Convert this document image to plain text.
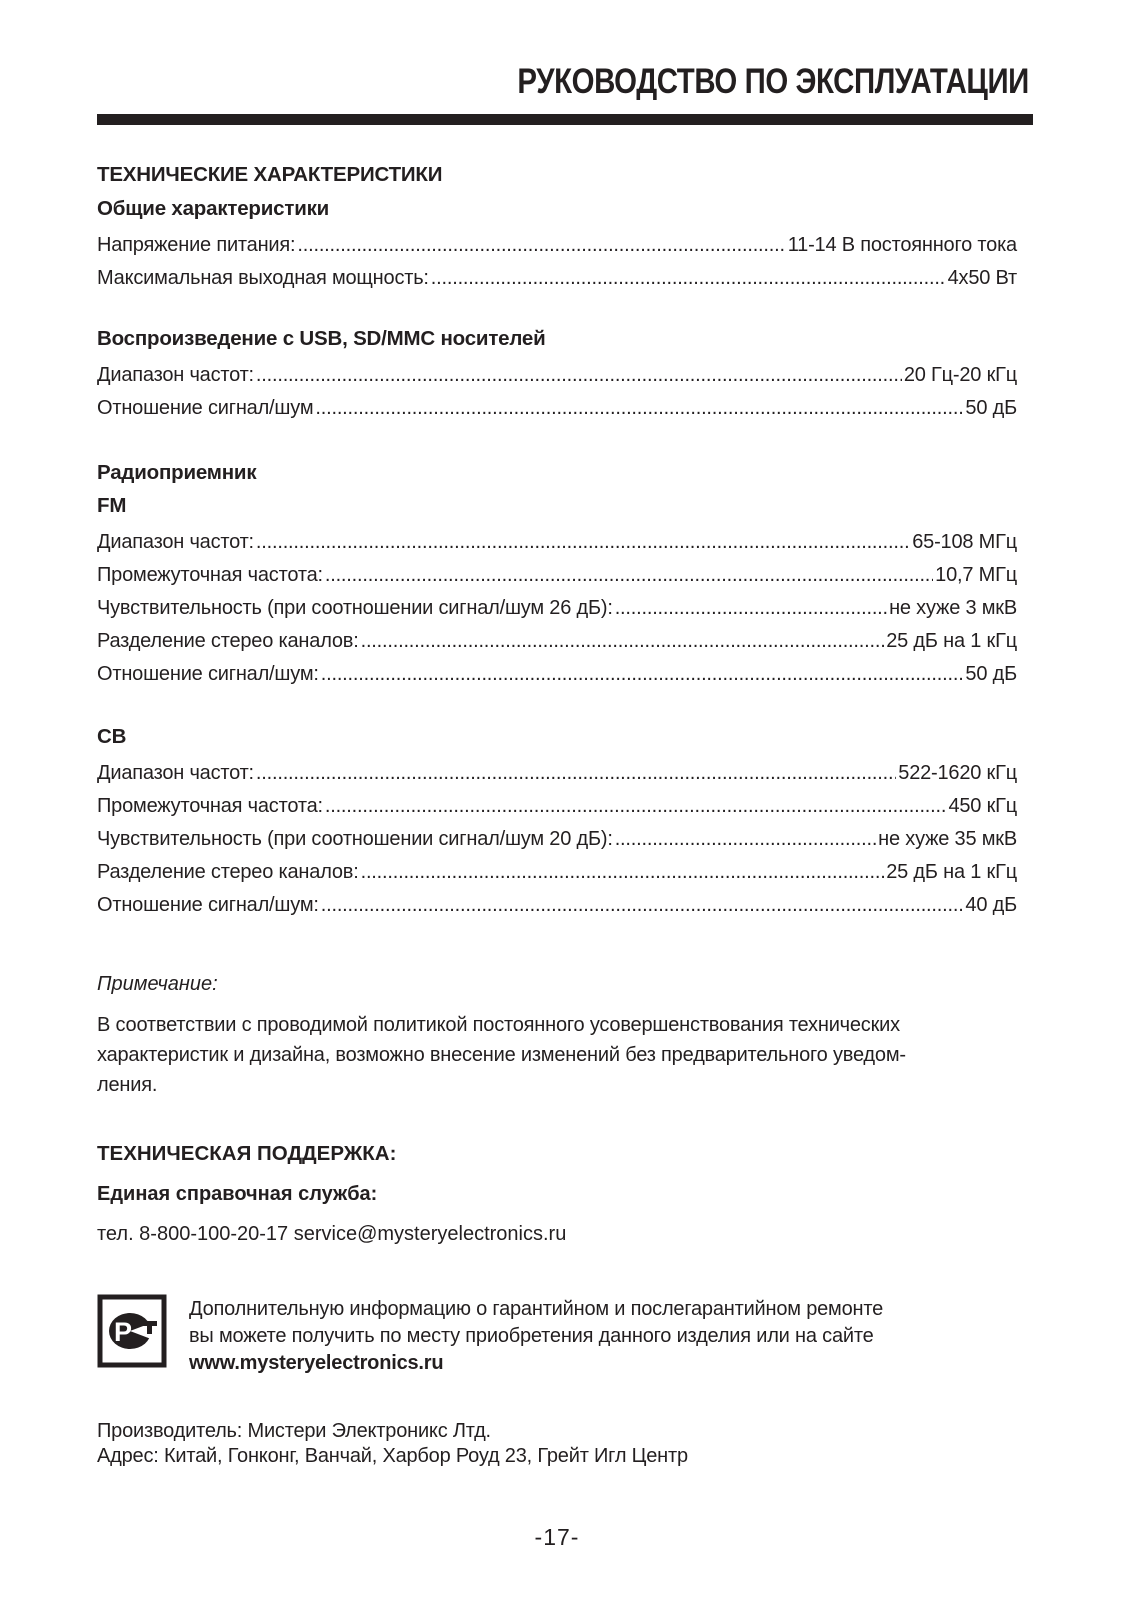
РУКОВОДСТВО ПО ЭКСПЛУАТАЦИИ
ТЕХНИЧЕСКИЕ ХАРАКТЕРИСТИКИ
Общие характеристики
Напряжение питания: .....	11-14 В постоянного тока
Максимальная выходная мощность: .....	4х50 Вт
Воспроизведение с USB, SD/MMC носителей
Диапазон частот: .....	20 Гц-20 кГц
Отношение сигнал/шум .....	50 дБ
Радиоприемник
FM
Диапазон частот: .....	65-108 МГц
Промежуточная частота: .....	10,7 МГц
Чувствительность (при соотношении сигнал/шум 26 дБ): .....	не хуже 3 мкВ
Разделение стерео каналов: .....	25 дБ на 1 кГц
Отношение сигнал/шум: .....	50 дБ
СВ
Диапазон частот: .....	522-1620 кГц
Промежуточная частота: .....	450 кГц
Чувствительность (при соотношении сигнал/шум 20 дБ): .....	не хуже 35 мкВ
Разделение стерео каналов: .....	25 дБ на 1 кГц
Отношение сигнал/шум: .....	40 дБ
Примечание:
В соответствии с проводимой политикой постоянного усовершенствования технических
характеристик и дизайна, возможно внесение изменений без предварительного уведом-
ления.
ТЕХНИЧЕСКАЯ ПОДДЕРЖКА:
Единая справочная служба:
тел. 8-800-100-20-17 service@mysteryelectronics.ru
Р
Дополнительную информацию о гарантийном и послегарантийном ремонте
вы можете получить по месту приобретения данного изделия или на сайте
www.mysteryelectronics.ru
Производитель: Мистери Электроникс Лтд.
Адрес: Китай, Гонконг, Ванчай, Харбор Роуд 23, Грейт Игл Центр
-17-
